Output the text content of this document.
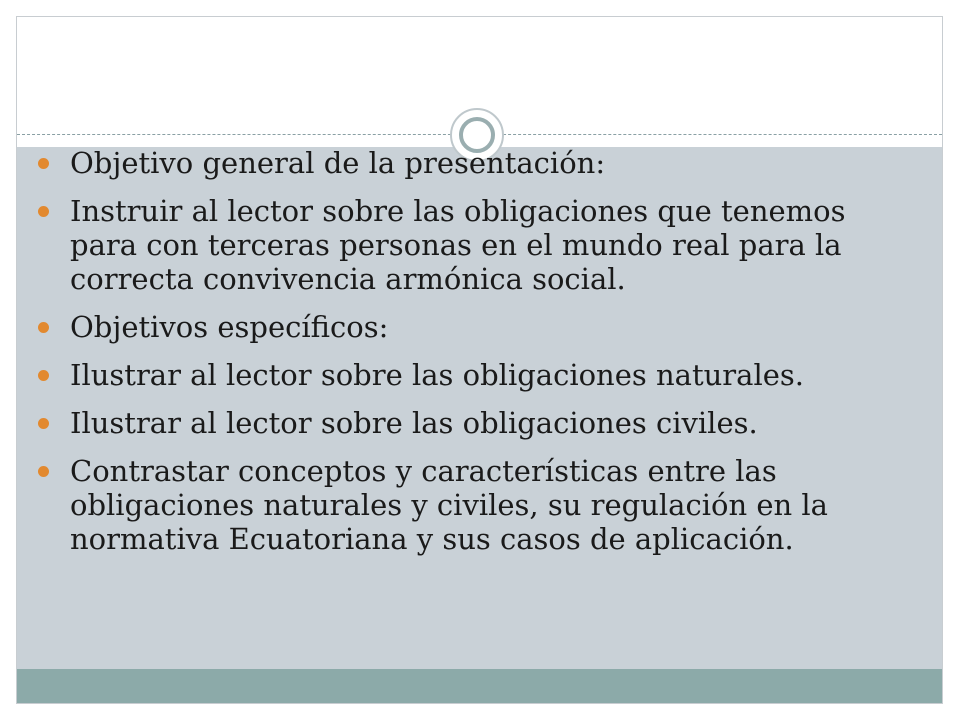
Objetivo general de la presentación:
Instruir al lector sobre las obligaciones que tenemos para con terceras personas en el mundo real para la correcta convivencia armónica social.
Objetivos específicos:
Ilustrar al lector sobre las obligaciones naturales.
Ilustrar al lector sobre las obligaciones civiles.
Contrastar conceptos y características entre las obligaciones naturales y civiles, su regulación en la normativa Ecuatoriana y sus casos de aplicación.
